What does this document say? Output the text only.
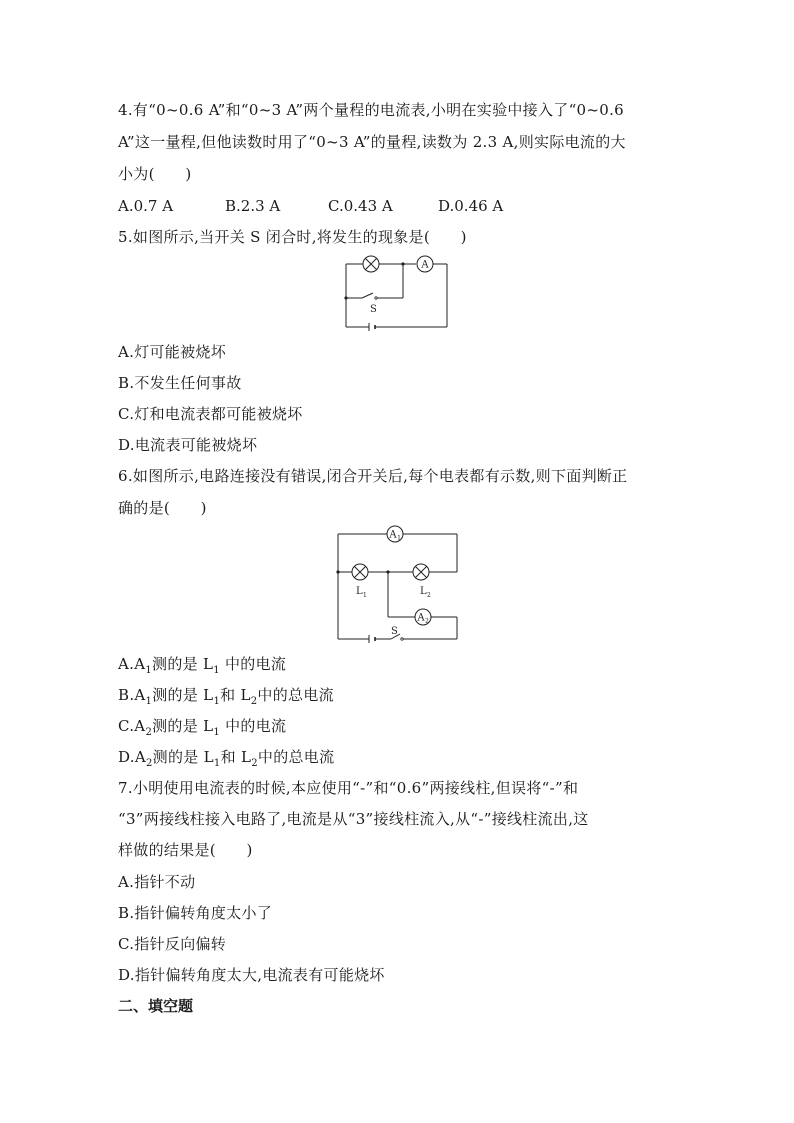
4.有“0~0.6 A”和“0~3 A”两个量程的电流表,小明在实验中接入了“0~0.6
A”这一量程,但他读数时用了“0~3 A”的量程,读数为 2.3 A,则实际电流的大
小为(　　)
A.0.7 A	B.2.3 A	C.0.43 A	D.0.46 A
5.如图所示,当开关 S 闭合时,将发生的现象是(　　)
A
S
A.灯可能被烧坏
B.不发生任何事故
C.灯和电流表都可能被烧坏
D.电流表可能被烧坏
6.如图所示,电路连接没有错误,闭合开关后,每个电表都有示数,则下面判断正
确的是(　　)
A 1
L 1	L 2
A 2
S
$A.A_1$测的是 $L_1$ 中的电流
$B.A_1$测的是 $L_1$和 $L_2$中的总电流
$C.A_2$测的是 $L_1$ 中的电流
$D.A_2$测的是 $L_1$和 $L_2$中的总电流
7.小明使用电流表的时候,本应使用“-”和“0.6”两接线柱,但误将“-”和
“3”两接线柱接入电路了,电流是从“3”接线柱流入,从“-”接线柱流出,这
样做的结果是(　　)
A.指针不动
B.指针偏转角度太小了
C.指针反向偏转
D.指针偏转角度太大,电流表有可能烧坏
二、填空题
